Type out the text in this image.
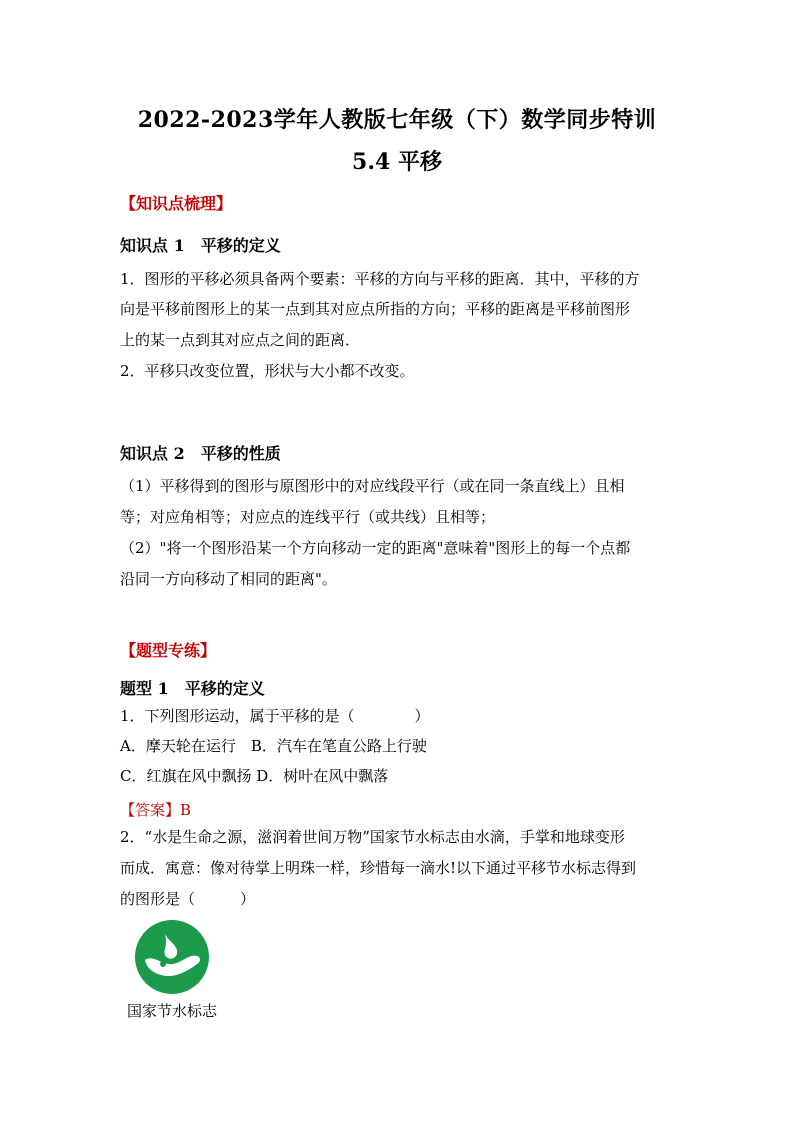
2022-2023学年人教版七年级（下）数学同步特训
5.4 平移
【知识点梳理】
知识点 1　平移的定义
1．图形的平移必须具备两个要素：平移的方向与平移的距离．其中，平移的方
向是平移前图形上的某一点到其对应点所指的方向；平移的距离是平移前图形
上的某一点到其对应点之间的距离．
2．平移只改变位置，形状与大小都不改变。
知识点 2　平移的性质
（1）平移得到的图形与原图形中的对应线段平行（或在同一条直线上）且相
等；对应角相等；对应点的连线平行（或共线）且相等；
（2）"将一个图形沿某一个方向移动一定的距离"意味着"图形上的每一个点都
沿同一方向移动了相同的距离"。
【题型专练】
题型 1　平移的定义
1．下列图形运动，属于平移的是（　　　　）
A．摩天轮在运行　B．汽车在笔直公路上行驶
C．红旗在风中飘扬 D．树叶在风中飘落
【答案】B
2．“水是生命之源，滋润着世间万物”国家节水标志由水滴，手掌和地球变形
而成．寓意：像对待掌上明珠一样，珍惜每一滴水!以下通过平移节水标志得到
的图形是（　　　）
国家节水标志
